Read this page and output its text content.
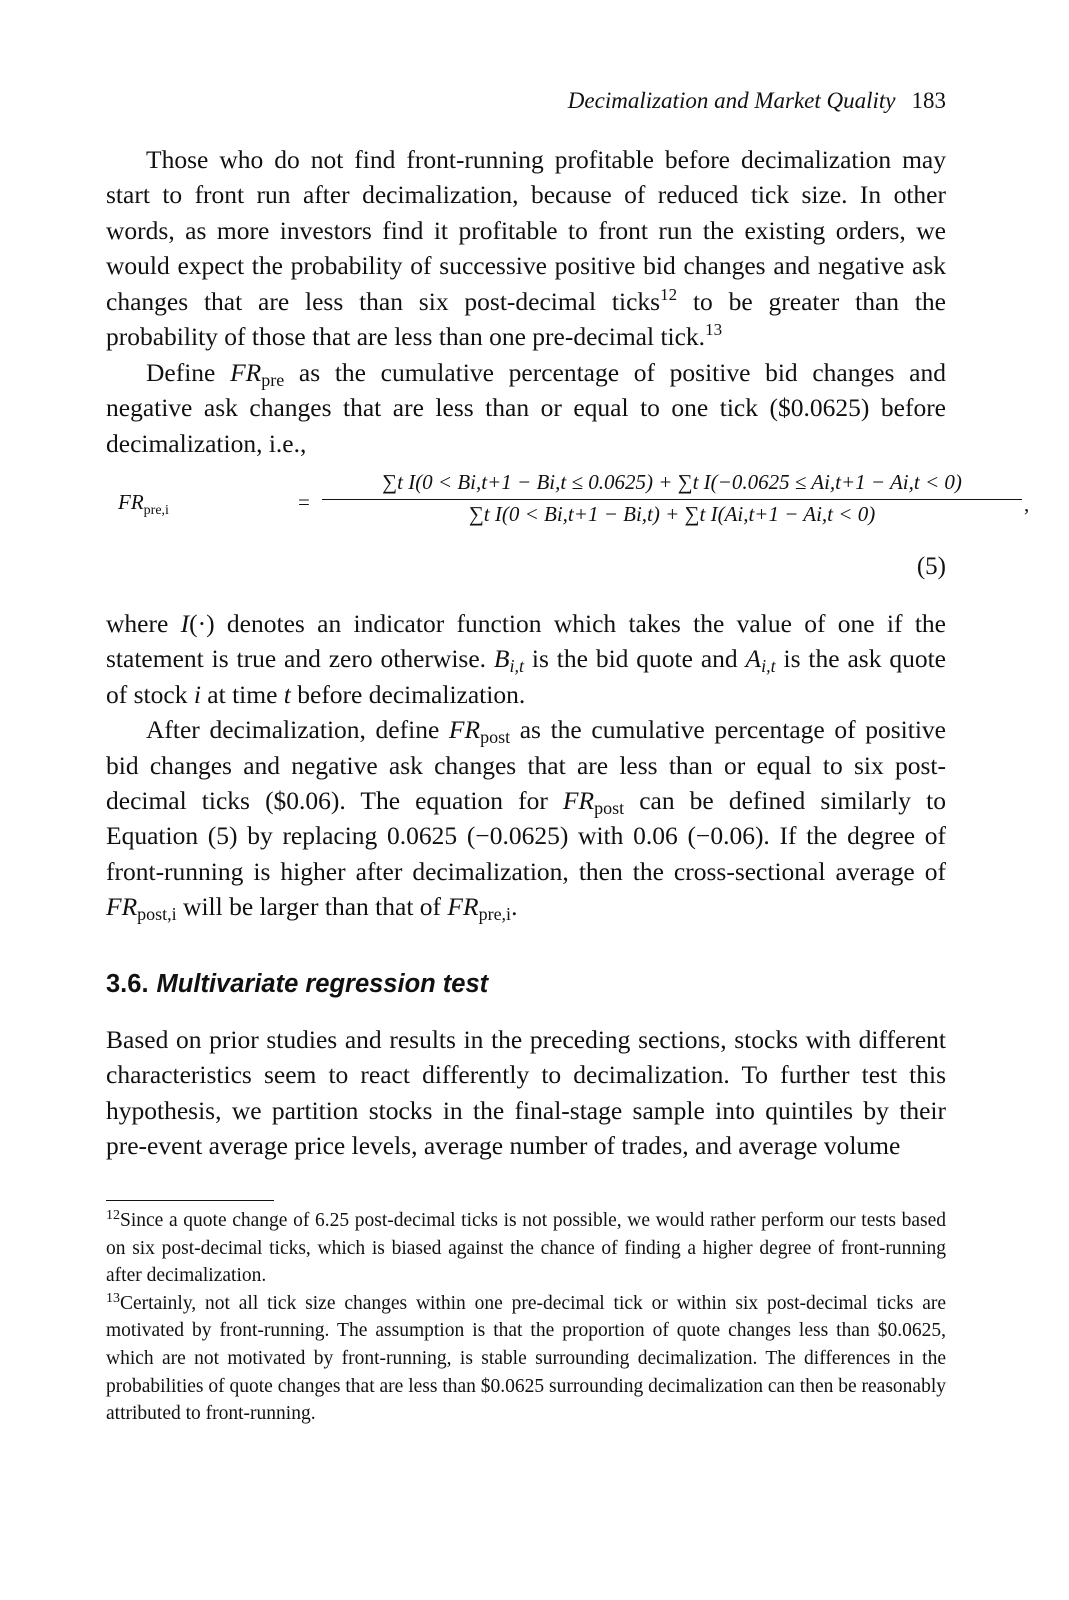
Decimalization and Market Quality 183

Those who do not find front-running profitable before decimalization may start to front run after decimalization, because of reduced tick size. In other words, as more investors find it profitable to front run the existing orders, we would expect the probability of successive positive bid changes and negative ask changes that are less than six post-decimal ticks$^{12}$ to be greater than the probability of those that are less than one pre-decimal tick.$^{13}$

Define $FR_{pre}$ as the cumulative percentage of positive bid changes and negative ask changes that are less than or equal to one tick ($0.0625) before decimalization, i.e.,

$FR_{pre,i}$	=
∑t I(0 < Bi,t+1 − Bi,t ≤ 0.0625) + ∑t I(−0.0625 ≤ Ai,t+1 − Ai,t < 0)
∑t I(0 < Bi,t+1 − Bi,t) + ∑t I(Ai,t+1 − Ai,t < 0)	,
(5)

where I(·) denotes an indicator function which takes the value of one if the statement is true and zero otherwise. $B_{i,t}$ is the bid quote and $A_{i,t}$ is the ask quote of stock i at time t before decimalization.

After decimalization, define $FR_{post}$ as the cumulative percentage of positive bid changes and negative ask changes that are less than or equal to six post-decimal ticks ($0.06). The equation for $FR_{post}$ can be defined similarly to Equation (5) by replacing 0.0625 (−0.0625) with 0.06 (−0.06). If the degree of front-running is higher after decimalization, then the cross-sectional average of $FR_{post,i}$ will be larger than that of $FR_{pre,i}$.

3.6. Multivariate regression test

Based on prior studies and results in the preceding sections, stocks with different characteristics seem to react differently to decimalization. To further test this hypothesis, we partition stocks in the final-stage sample into quintiles by their pre-event average price levels, average number of trades, and average volume

$^{12}$Since a quote change of 6.25 post-decimal ticks is not possible, we would rather perform our tests based on six post-decimal ticks, which is biased against the chance of finding a higher degree of front-running after decimalization.

$^{13}$Certainly, not all tick size changes within one pre-decimal tick or within six post-decimal ticks are motivated by front-running. The assumption is that the proportion of quote changes less than $0.0625, which are not motivated by front-running, is stable surrounding decimalization. The differences in the probabilities of quote changes that are less than $0.0625 surrounding decimalization can then be reasonably attributed to front-running.
